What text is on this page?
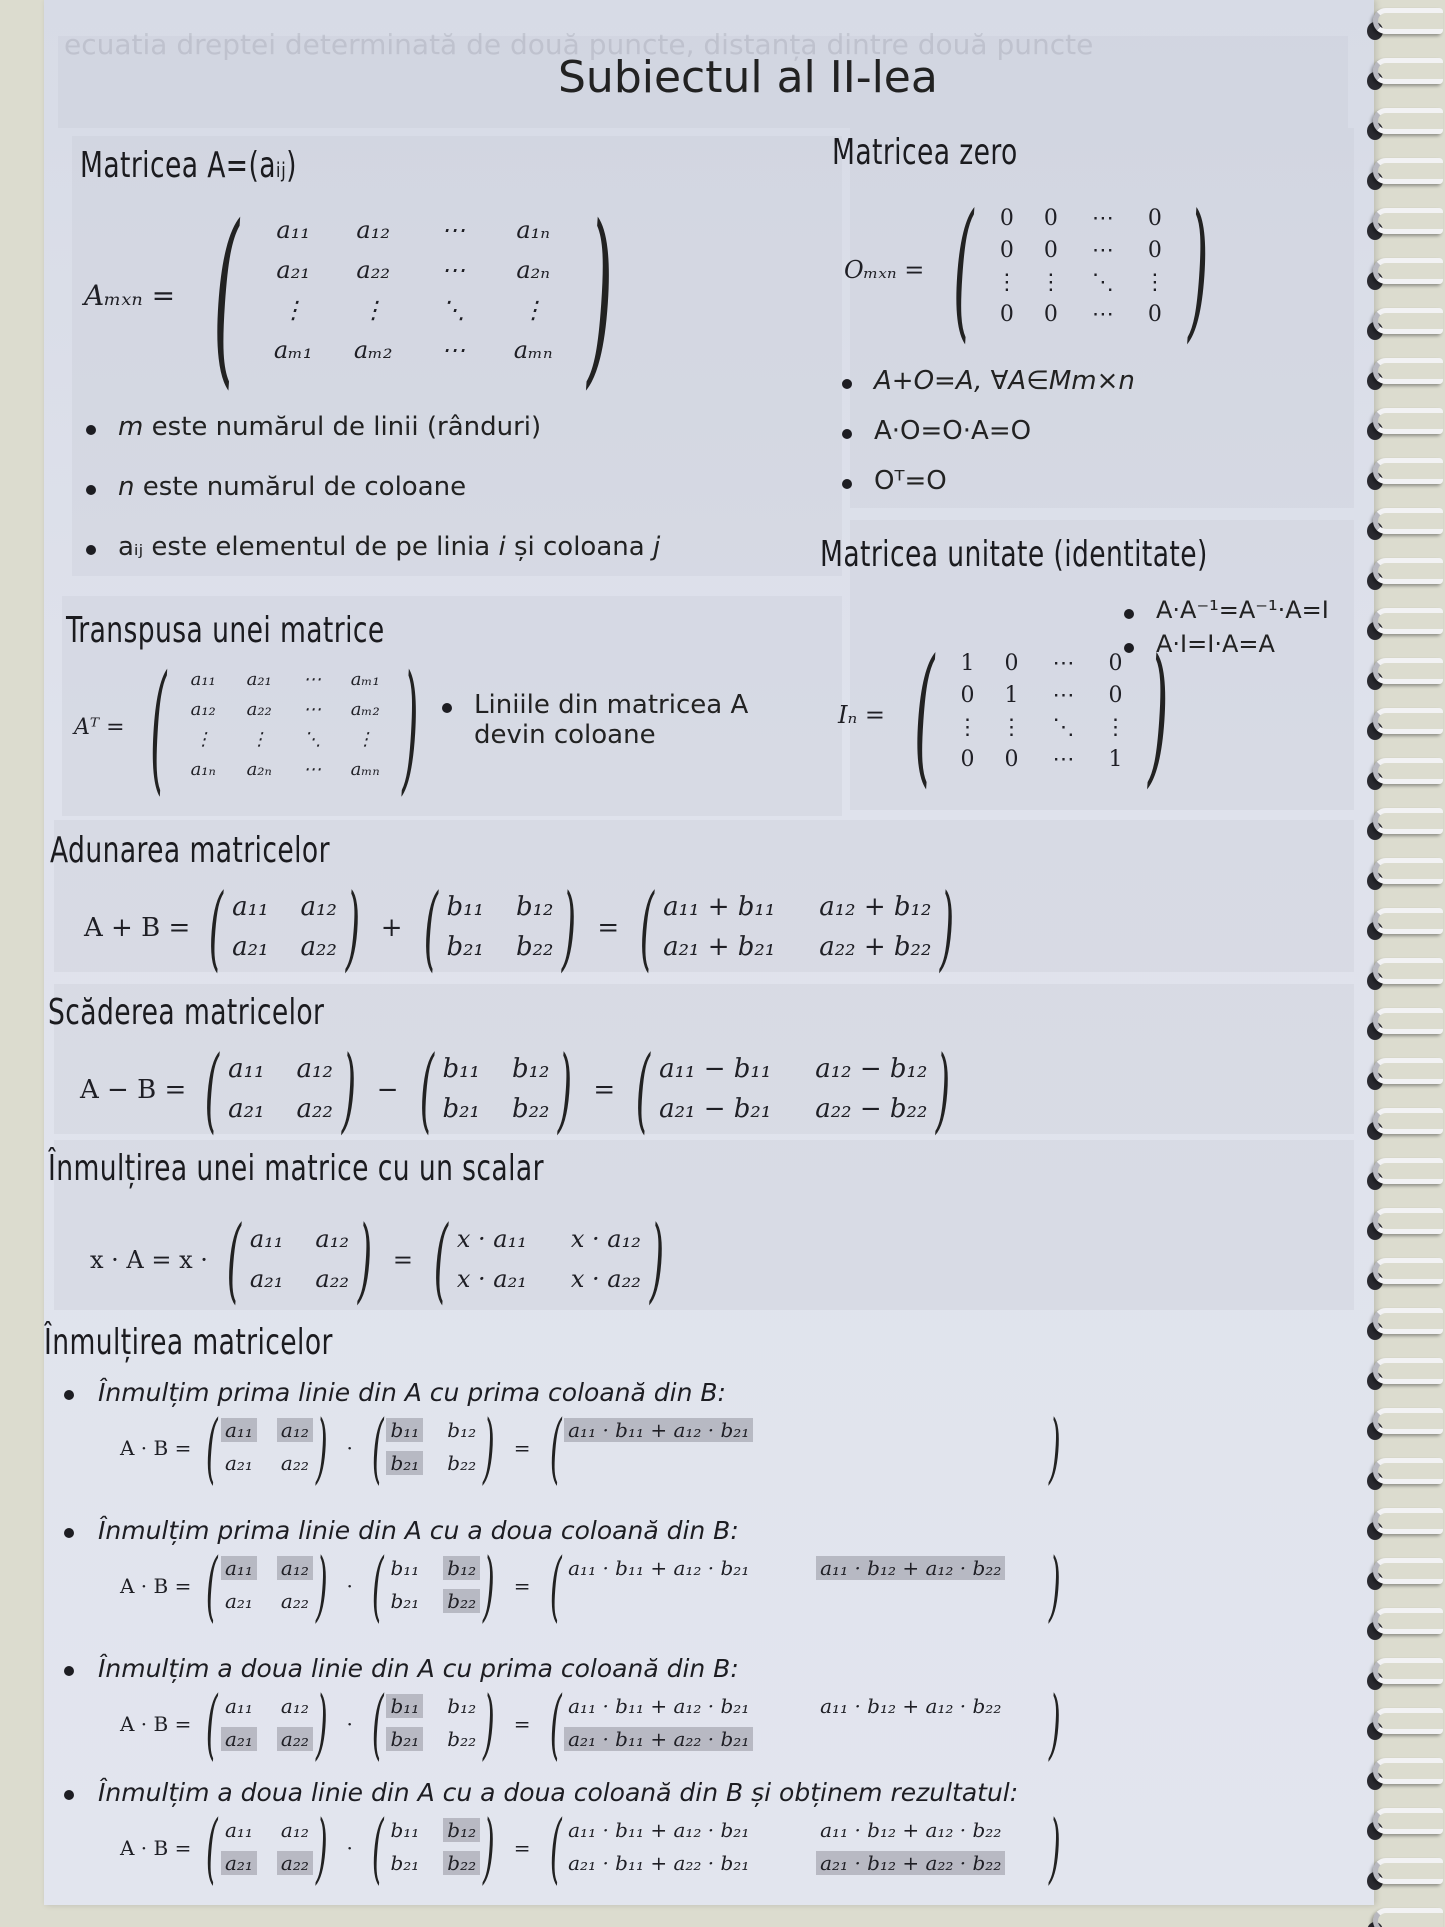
ecuatia dreptei determinată de două puncte, distanța dintre două puncte
Subiectul al II-lea
Matricea A=(aᵢⱼ)
Aₘₓₙ = ( a₁₁ a₁₂ ⋯ a₁ₙ
a₂₁ a₂₂ ⋯ a₂ₙ
⋮ ⋮ ⋱ ⋮
aₘ₁ aₘ₂ ⋯ aₘₙ )
m este numărul de linii (rânduri)
n este numărul de coloane
aᵢⱼ este elementul de pe linia i și coloana j
Matricea zero
Oₘₓₙ = ( 0 0 ⋯ 0
0 0 ⋯ 0
⋮ ⋮ ⋱ ⋮
0 0 ⋯ 0 )
A+O=A, ∀A∈Mm×n
A·O=O·A=O
Oᵀ=O
Transpusa unei matrice
Aᵀ = ( a₁₁ a₂₁ ⋯ aₘ₁
a₁₂ a₂₂ ⋯ aₘ₂
⋮ ⋮ ⋱ ⋮
a₁ₙ a₂ₙ ⋯ aₘₙ )	Liniile din matricea A devin coloane
Matricea unitate (identitate)
A·A⁻¹=A⁻¹·A=I
A·I=I·A=A
Iₙ = ( 1 0 ⋯ 0
0 1 ⋯ 0
⋮ ⋮ ⋱ ⋮
0 0 ⋯ 1 )
Adunarea matricelor
A + B = ( a₁₁ a₁₂
a₂₁ a₂₂ ) + ( b₁₁ b₁₂
b₂₁ b₂₂ ) = ( a₁₁ + b₁₁ a₁₂ + b₁₂
a₂₁ + b₂₁ a₂₂ + b₂₂ )
Scăderea matricelor
A − B = ( a₁₁ a₁₂
a₂₁ a₂₂ ) − ( b₁₁ b₁₂
b₂₁ b₂₂ ) = ( a₁₁ − b₁₁ a₁₂ − b₁₂
a₂₁ − b₂₁ a₂₂ − b₂₂ )
Înmulțirea unei matrice cu un scalar
x · A = x · ( a₁₁ a₁₂
a₂₁ a₂₂ ) = ( x · a₁₁ x · a₁₂
x · a₂₁ x · a₂₂ )
Înmulțirea matricelor
Înmulțim prima linie din A cu prima coloană din B:
A · B = ( a₁₁ a₁₂
a₂₁ a₂₂ ) · ( b₁₁ b₁₂
b₂₁ b₂₂ ) = ( a₁₁ · b₁₁ + a₁₂ · b₂₁

	)
Înmulțim prima linie din A cu a doua coloană din B:
A · B = ( a₁₁ a₁₂
a₂₁ a₂₂ ) · ( b₁₁ b₁₂
b₂₁ b₂₂ ) = ( a₁₁ · b₁₁ + a₁₂ · b₂₁	a₁₁ · b₁₂ + a₁₂ · b₂₂

)
Înmulțim a doua linie din A cu prima coloană din B:
A · B = ( a₁₁ a₁₂
a₂₁ a₂₂ ) · ( b₁₁ b₁₂
b₂₁ b₂₂ ) = ( a₁₁ · b₁₁ + a₁₂ · b₂₁	a₁₁ · b₁₂ + a₁₂ · b₂₂
a₂₁ · b₁₁ + a₂₂ · b₂₁
	)
Înmulțim a doua linie din A cu a doua coloană din B și obținem rezultatul:
A · B = ( a₁₁ a₁₂
a₂₁ a₂₂ ) · ( b₁₁ b₁₂
b₂₁ b₂₂ ) = ( a₁₁ · b₁₁ + a₁₂ · b₂₁	a₁₁ · b₁₂ + a₁₂ · b₂₂
a₂₁ · b₁₁ + a₂₂ · b₂₁	a₂₁ · b₁₂ + a₂₂ · b₂₂ )
